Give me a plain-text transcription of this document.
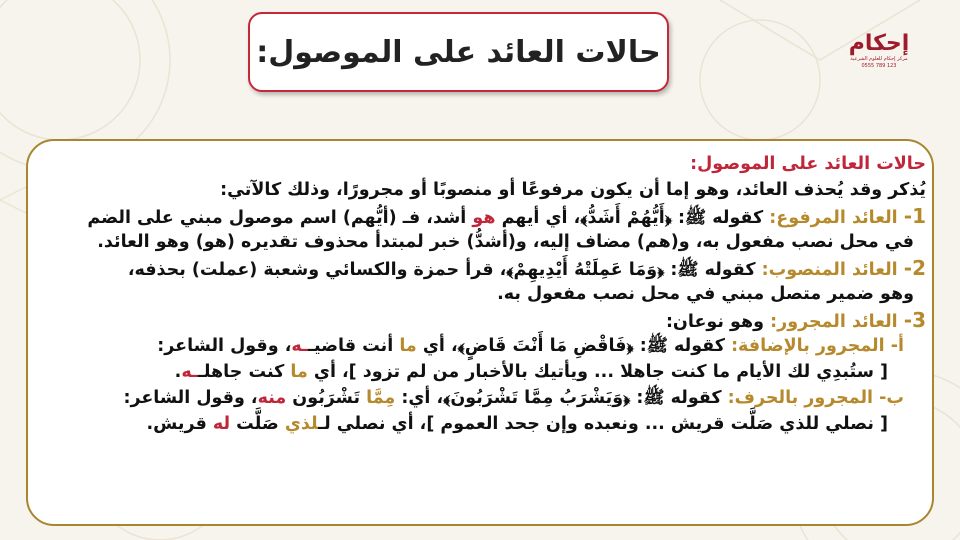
حالات العائد على الموصول:	إحكام
مركز إحكام للعلوم الشرعية
0555 789 123
حالات العائد على الموصول:
يُذكر وقد يُحذف العائد، وهو إما أن يكون مرفوعًا أو منصوبًا أو مجرورًا، وذلك كالآتي:
1- العائد المرفوع: كقوله ﷺ: ﴿أَيُّهُمْ أَشَدُّ﴾، أي أيهم هو أشد، فـ (أيُّهم) اسم موصول مبني على الضم
في محل نصب مفعول به، و(هم) مضاف إليه، و(أشدُّ) خبر لمبتدأ محذوف تقديره (هو) وهو العائد.
2- العائد المنصوب: كقوله ﷺ: ﴿وَمَا عَمِلَتْهُ أَيْدِيهِمْ﴾، قرأ حمزة والكسائي وشعبة (عملت) بحذفه،
وهو ضمير متصل مبني في محل نصب مفعول به.
3- العائد المجرور: وهو نوعان:
أ- المجرور بالإضافة: كقوله ﷺ: ﴿فَاقْضِ مَا أَنْتَ قَاضٍ﴾، أي ما أنت قاضيــه، وقول الشاعر:
[ ستُبدِي لك الأيام ما كنت جاهلا ... ويأتيك بالأخبار من لم تزود ]، أي ما كنت جاهلــه.
ب- المجرور بالحرف: كقوله ﷺ: ﴿وَيَشْرَبُ مِمَّا تَشْرَبُونَ﴾، أي: مِمَّا تَشْرَبُون منه، وقول الشاعر:
[ نصلي للذي صَلَّت قريش ... ونعبده وإن جحد العموم ]، أي نصلي لـلذي صَلَّت له قريش.
